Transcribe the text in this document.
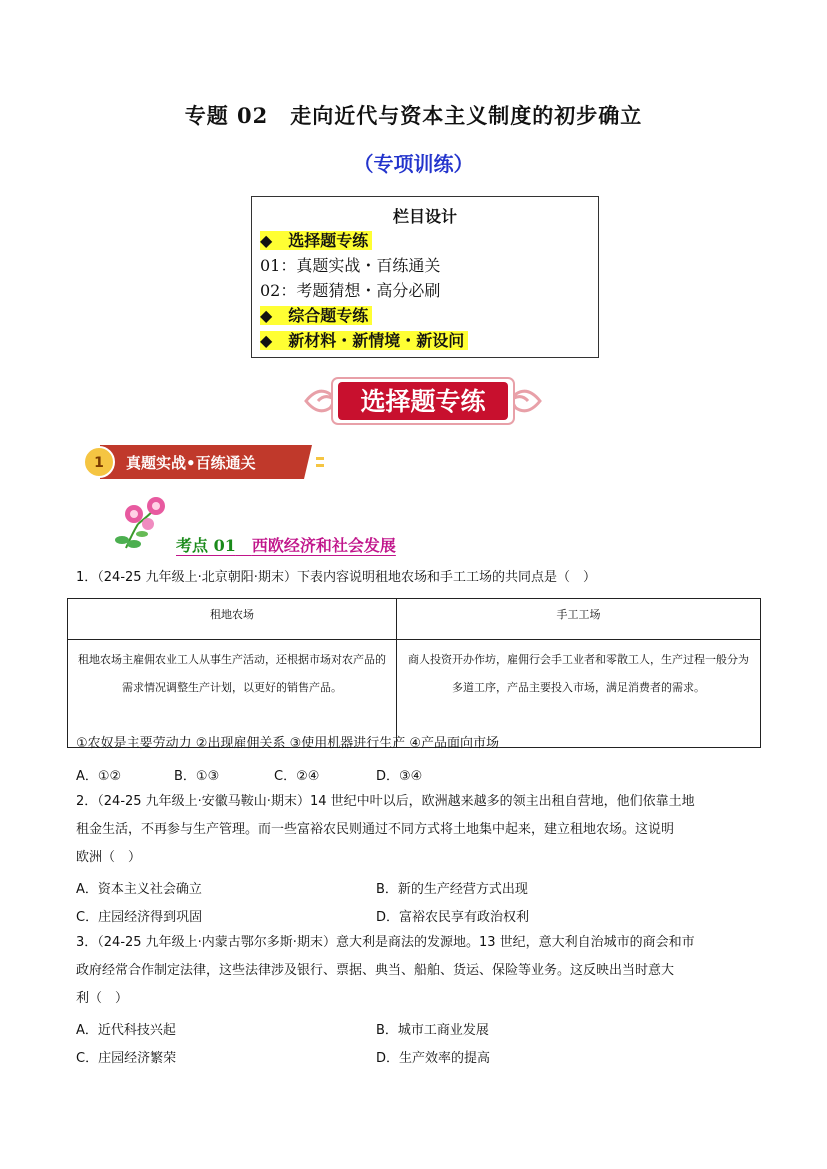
专题 02　走向近代与资本主义制度的初步确立
（专项训练）
栏目设计
◆　选择题专练
01：真题实战・百练通关
02：考题猜想・高分必刷
◆　综合题专练
◆　新材料・新情境・新设问
选择题专练
1 真题实战•百练通关
考点 01　 西欧经济和社会发展
1．（24-25 九年级上·北京朝阳·期末）下表内容说明租地农场和手工工场的共同点是（　）
租地农场	手工工场
租地农场主雇佣农业工人从事生产活动，还根据市场对农产品的需求情况调整生产计划，以更好的销售产品。	商人投资开办作坊，雇佣行会手工业者和零散工人，生产过程一般分为多道工序，产品主要投入市场，满足消费者的需求。
①农奴是主要劳动力 ②出现雇佣关系 ③使用机器进行生产 ④产品面向市场
A．①②	B．①③	C．②④	D．③④
2．（24-25 九年级上·安徽马鞍山·期末）14 世纪中叶以后，欧洲越来越多的领主出租自营地，他们依靠土地
租金生活，不再参与生产管理。而一些富裕农民则通过不同方式将土地集中起来，建立租地农场。这说明
欧洲（　）
A．资本主义社会确立	B．新的生产经营方式出现
C．庄园经济得到巩固	D．富裕农民享有政治权利
3．（24-25 九年级上·内蒙古鄂尔多斯·期末）意大利是商法的发源地。13 世纪，意大利自治城市的商会和市
政府经常合作制定法律，这些法律涉及银行、票据、典当、船舶、货运、保险等业务。这反映出当时意大
利（　）
A．近代科技兴起	B．城市工商业发展
C．庄园经济繁荣	D．生产效率的提高
